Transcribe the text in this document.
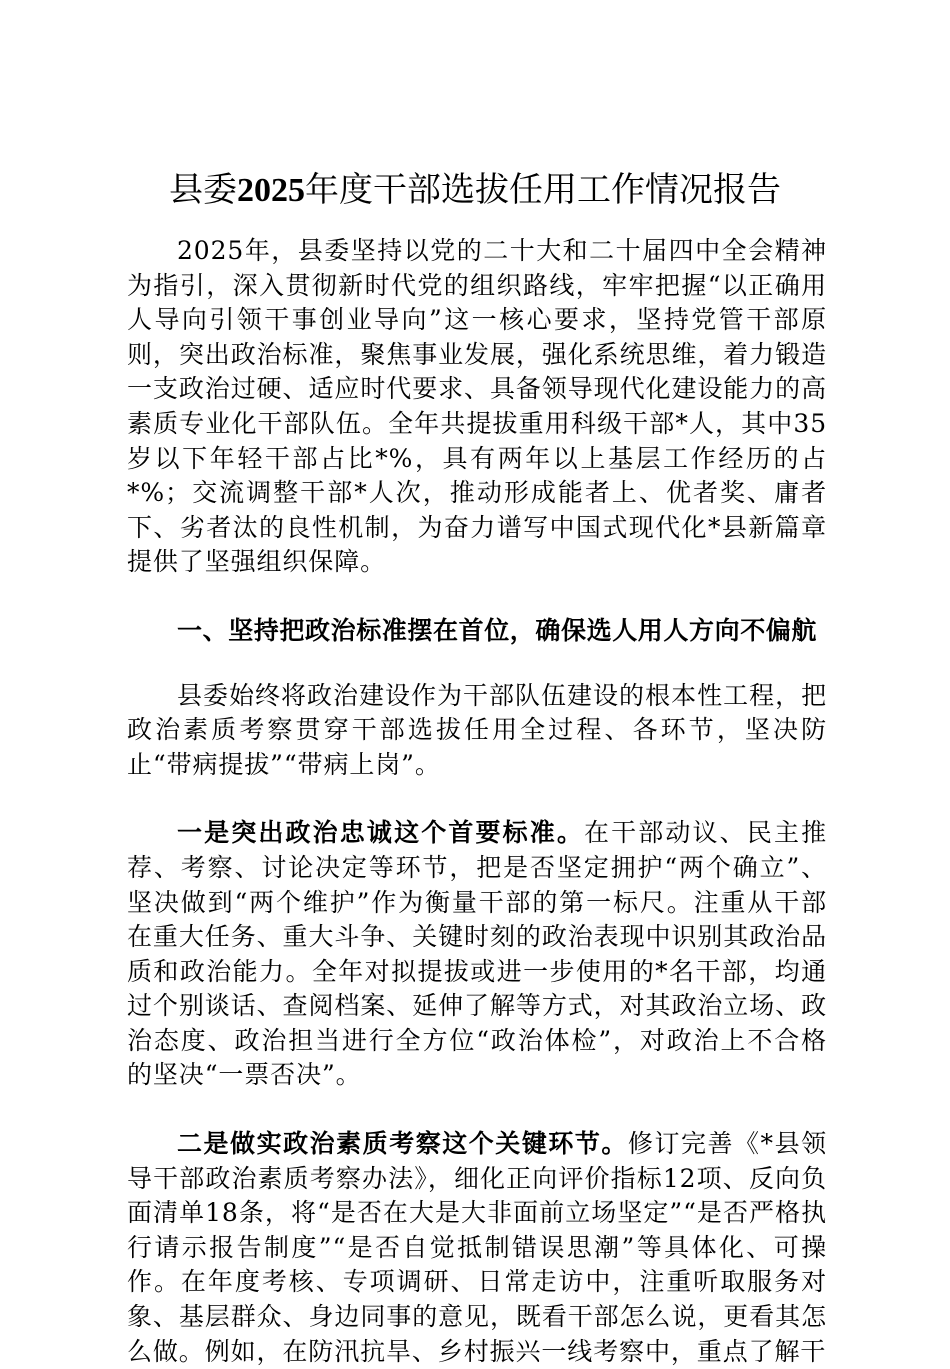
县委2025年度干部选拔任用工作情况报告

2025年，县委坚持以党的二十大和二十届四中全会精神为指引，深入贯彻新时代党的组织路线，牢牢把握“以正确用人导向引领干事创业导向”这一核心要求，坚持党管干部原则，突出政治标准，聚焦事业发展，强化系统思维，着力锻造一支政治过硬、适应时代要求、具备领导现代化建设能力的高素质专业化干部队伍。全年共提拔重用科级干部*人，其中35岁以下年轻干部占比*%，具有两年以上基层工作经历的占*%；交流调整干部*人次，推动形成能者上、优者奖、庸者下、劣者汰的良性机制，为奋力谱写中国式现代化*县新篇章提供了坚强组织保障。

一、坚持把政治标准摆在首位，确保选人用人方向不偏航

县委始终将政治建设作为干部队伍建设的根本性工程，把政治素质考察贯穿干部选拔任用全过程、各环节，坚决防止“带病提拔”“带病上岗”。

一是突出政治忠诚这个首要标准。在干部动议、民主推荐、考察、讨论决定等环节，把是否坚定拥护“两个确立”、坚决做到“两个维护”作为衡量干部的第一标尺。注重从干部在重大任务、重大斗争、关键时刻的政治表现中识别其政治品质和政治能力。全年对拟提拔或进一步使用的*名干部，均通过个别谈话、查阅档案、延伸了解等方式，对其政治立场、政治态度、政治担当进行全方位“政治体检”，对政治上不合格的坚决“一票否决”。

二是做实政治素质考察这个关键环节。修订完善《*县领导干部政治素质考察办法》，细化正向评价指标12项、反向负面清单18条，将“是否在大是大非面前立场坚定”“是否严格执行请示报告制度”“是否自觉抵制错误思潮”等具体化、可操作。在年度考核、专项调研、日常走访中，注重听取服务对象、基层群众、身边同事的意见，既看干部怎么说，更看其怎么做。例如，在防汛抗旱、乡村振兴一线考察中，重点了解干
